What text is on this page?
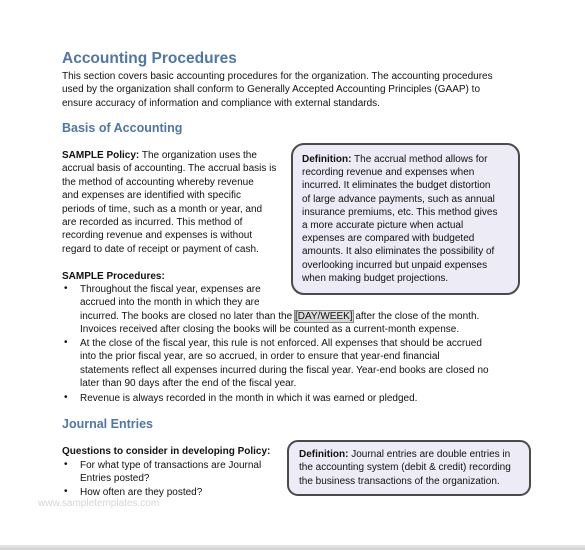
Accounting Procedures
This section covers basic accounting procedures for the organization. The accounting procedures
used by the organization shall conform to Generally Accepted Accounting Principles (GAAP) to
ensure accuracy of information and compliance with external standards.
Basis of Accounting
SAMPLE Policy: The organization uses the
accrual basis of accounting. The accrual basis is
the method of accounting whereby revenue
and expenses are identified with specific
periods of time, such as a month or year, and
are recorded as incurred. This method of
recording revenue and expenses is without
regard to date of receipt or payment of cash.
Definition: The accrual method allows for
recording revenue and expenses when
incurred. It eliminates the budget distortion
of large advance payments, such as annual
insurance premiums, etc. This method gives
a more accurate picture when actual
expenses are compared with budgeted
amounts. It also eliminates the possibility of
overlooking incurred but unpaid expenses
when making budget projections.
SAMPLE Procedures:
• Throughout the fiscal year, expenses are
accrued into the month in which they are
incurred. The books are closed no later than the [DAY/WEEK] after the close of the month.
Invoices received after closing the books will be counted as a current-month expense.
• At the close of the fiscal year, this rule is not enforced. All expenses that should be accrued
into the prior fiscal year, are so accrued, in order to ensure that year-end financial
statements reflect all expenses incurred during the fiscal year. Year-end books are closed no
later than 90 days after the end of the fiscal year.
• Revenue is always recorded in the month in which it was earned or pledged.
Journal Entries
Questions to consider in developing Policy:
• For what type of transactions are Journal
Entries posted?
• How often are they posted?
Definition: Journal entries are double entries in
the accounting system (debit & credit) recording
the business transactions of the organization.
www.sampletemplates.com
